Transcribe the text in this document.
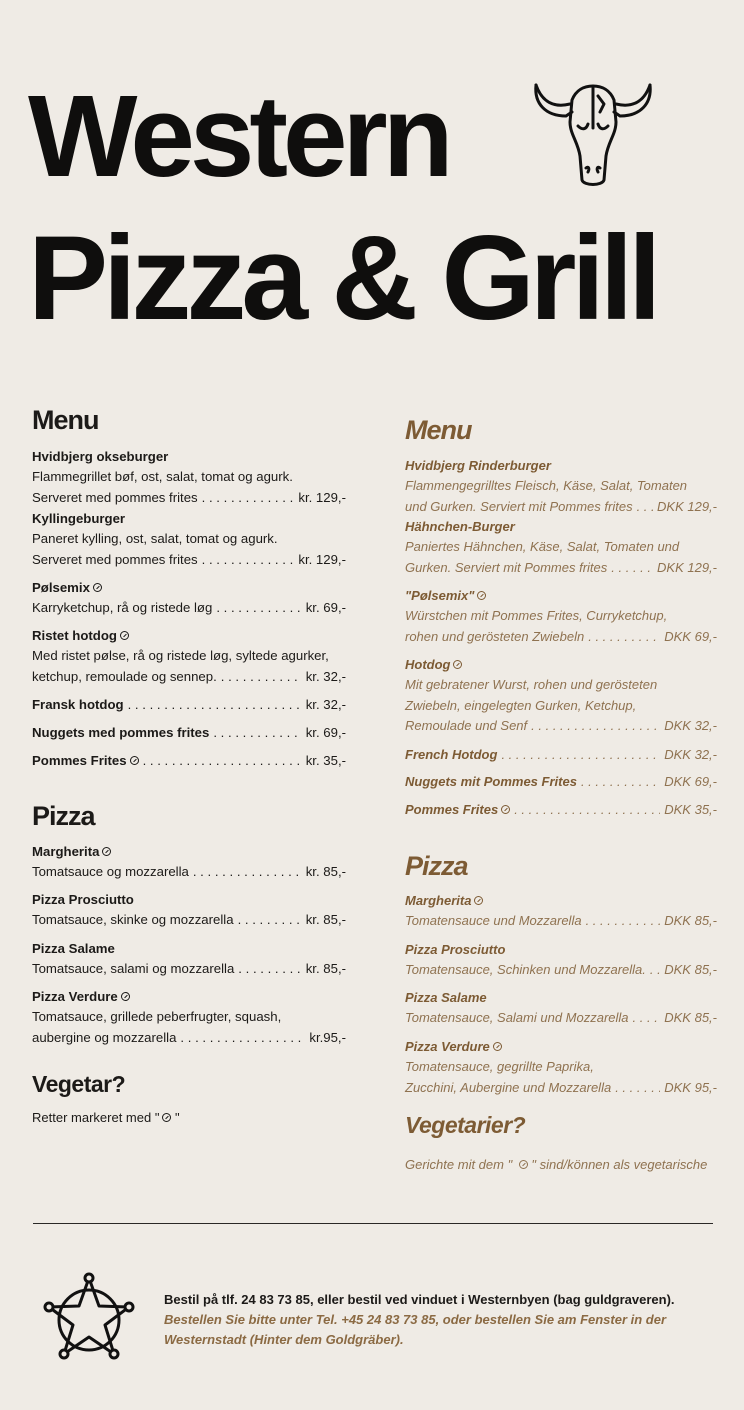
Western
Pizza & Grill
Menu
Hvidbjerg okseburger
Flammegrillet bøf, ost, salat, tomat og agurk.
Serveret med pommes frites . . .	kr. 129,-
Kyllingeburger
Paneret kylling, ost, salat, tomat og agurk.
Serveret med pommes frites . . .	kr. 129,-
Pølsemix
Karryketchup, rå og ristede løg . . .	kr. 69,-
Ristet hotdog
Med ristet pølse, rå og ristede løg, syltede agurker,
ketchup, remoulade og sennep. . . .	kr. 32,-
Fransk hotdog . . .	kr. 32,-
Nuggets med pommes frites . . .	kr. 69,-
Pommes Frites . . .	kr. 35,-
Pizza
Margherita
Tomatsauce og mozzarella . . .	kr. 85,-
Pizza Prosciutto
Tomatsauce, skinke og mozzarella . . .	kr. 85,-
Pizza Salame
Tomatsauce, salami og mozzarella . . .	kr. 85,-
Pizza Verdure
Tomatsauce, grillede peberfrugter, squash,
aubergine og mozzarella . . .	kr.95,-
Vegetar?
Retter markeret med " "
Menu
Hvidbjerg Rinderburger
Flammengegrilltes Fleisch, Käse, Salat, Tomaten
und Gurken. Serviert mit Pommes frites . . . DKK 129,-
Hähnchen-Burger
Paniertes Hähnchen, Käse, Salat, Tomaten und
Gurken. Serviert mit Pommes frites . . .	DKK 129,-
"Pølsemix"
Würstchen mit Pommes Frites, Curryketchup,
rohen und gerösteten Zwiebeln . . .	DKK 69,-
Hotdog
Mit gebratener Wurst, rohen und gerösteten
Zwiebeln, eingelegten Gurken, Ketchup,
Remoulade und Senf . . .	DKK 32,-
French Hotdog . . .	DKK 32,-
Nuggets mit Pommes Frites . . .	DKK 69,-
Pommes Frites . . .	DKK 35,-
Pizza
Margherita
Tomatensauce und Mozzarella . . .	DKK 85,-
Pizza Prosciutto
Tomatensauce, Schinken und Mozzarella. . . . DKK 85,-
Pizza Salame
Tomatensauce, Salami und Mozzarella . . .	DKK 85,-
Pizza Verdure
Tomatensauce, gegrillte Paprika,
Zucchini, Aubergine und Mozzarella . . .	DKK 95,-
Vegetarier?
Gerichte mit dem "  " sind/können als vegetarische
Bestil på tlf. 24 83 73 85, eller bestil ved vinduet i Westernbyen (bag guldgraveren).
Bestellen Sie bitte unter Tel. +45 24 83 73 85, oder bestellen Sie am Fenster in der Westernstadt (Hinter dem Goldgräber).
